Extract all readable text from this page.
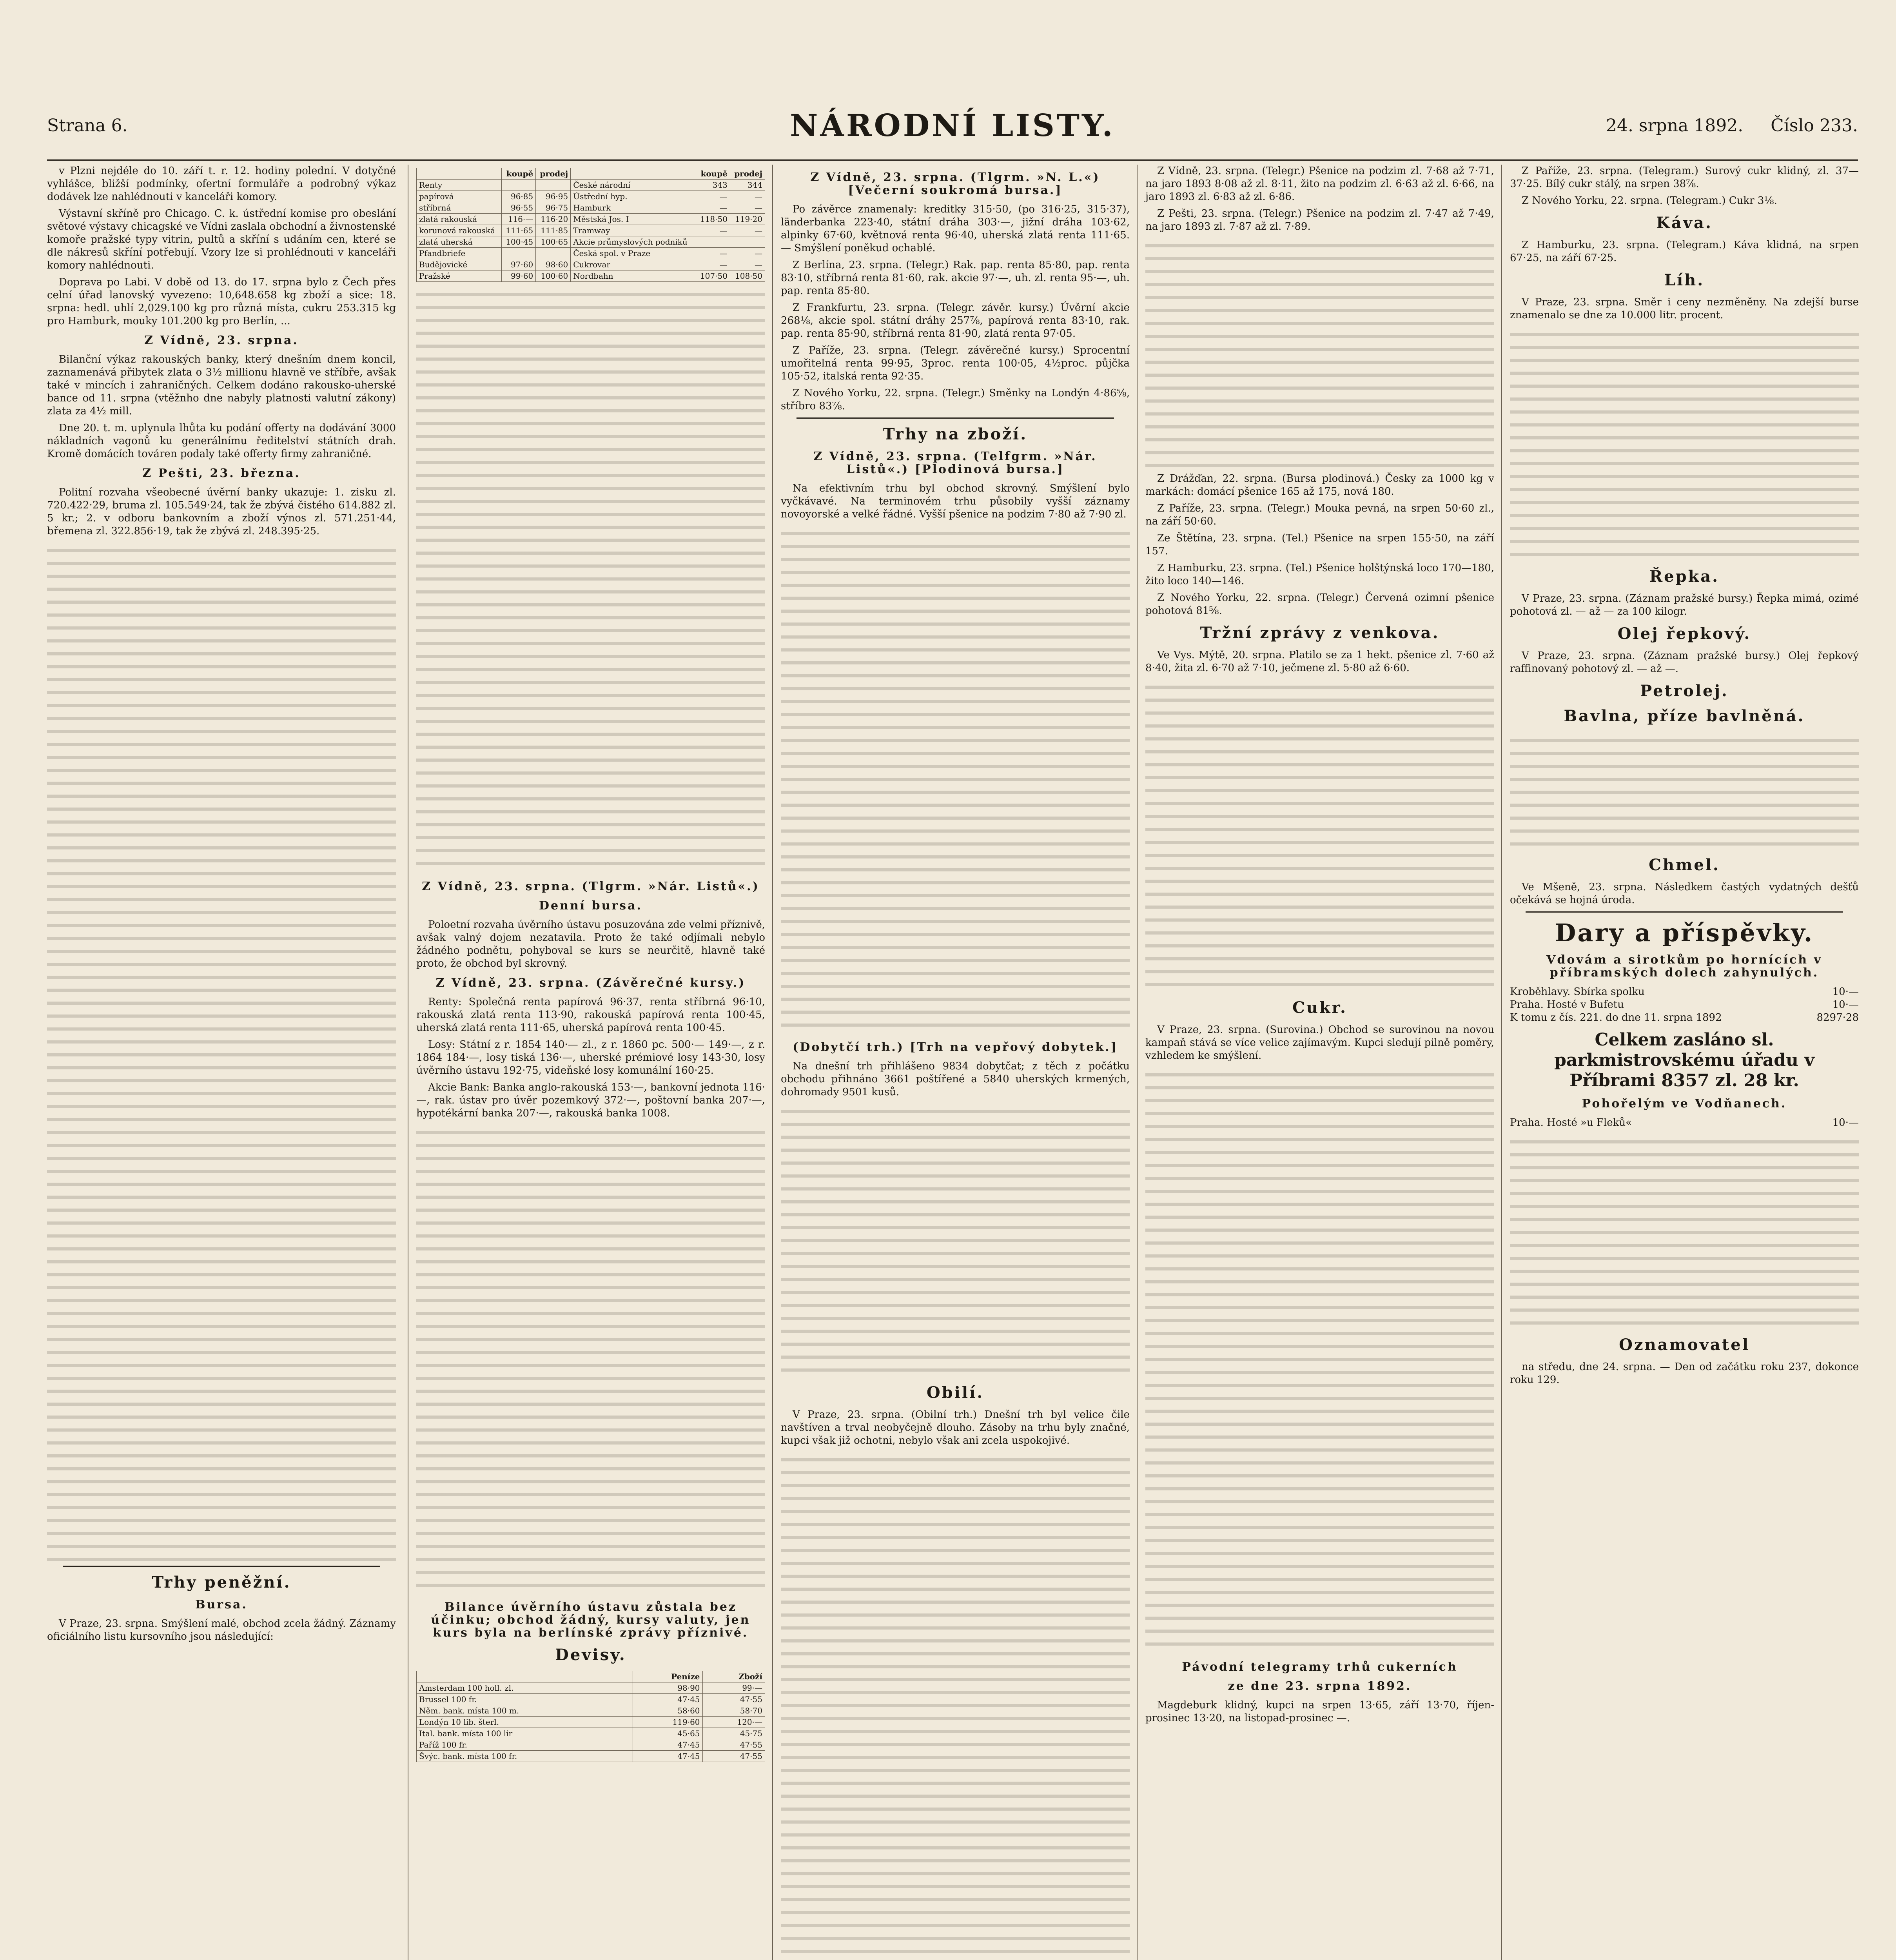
Strana 6.	NÁRODNÍ LISTY.	24. srpna 1892. Číslo 233.

v Plzni nejdéle do 10. září t. r. 12. hodiny polední. V dotyčné vyhlášce, bližší podmínky, ofertní formuláře a podrobný výkaz dodávek lze nahlédnouti v kanceláři komory.

Výstavní skříně pro Chicago. C. k. ústřední komise pro obeslání světové výstavy chicagské ve Vídni zaslala obchodní a živnostenské komoře pražské typy vitrin, pultů a skříní s udáním cen, které se dle nákresů skříní potřebují. Vzory lze si prohlédnouti v kanceláři komory nahlédnouti.

Doprava po Labi. V době od 13. do 17. srpna bylo z Čech přes celní úřad lanovský vyvezeno: 10,648.658 kg zboží a sice: 18. srpna: hedl. uhlí 2,029.100 kg pro různá místa, cukru 253.315 kg pro Hamburk, mouky 101.200 kg pro Berlín, ...

Z Vídně, 23. srpna.

Bilanční výkaz rakouských banky, který dnešním dnem koncil, zaznamenává přibytek zlata o 3½ millionu hlavně ve stříbře, avšak také v mincích i zahraničných. Celkem dodáno rakousko-uherské bance od 11. srpna (vtěžnho dne nabyly platnosti valutní zákony) zlata za 4½ mill.

Dne 20. t. m. uplynula lhůta ku podání offerty na dodávání 3000 nákladních vagonů ku generálnímu ředitelství státních drah. Kromě domácích továren podaly také offerty firmy zahraničné.

Z Pešti, 23. března.

Politní rozvaha všeobecné úvěrní banky ukazuje: 1. zisku zl. 720.422·29, bruma zl. 105.549·24, tak že zbývá čistého 614.882 zl. 5 kr.; 2. v odboru bankovním a zboží výnos zl. 571.251·44, břemena zl. 322.856·19, tak že zbývá zl. 248.395·25.

Trhy peněžní.
Bursa.

V Praze, 23. srpna. Smýšlení malé, obchod zcela žádný. Záznamy oficiálního listu kursovního jsou následující:

	koupě	prodej		koupě	prodej
Renty			České národní	343	344
papírová	96·85	96·95	Ústřední hyp.	—	—
stříbrná	96·55	96·75	Hamburk	—	—
zlatá rakouská	116·—	116·20	Městská Jos. I	118·50	119·20
korunová rakouská	111·65	111·85	Tramway	—	—
zlatá uherská	100·45	100·65	Akcie průmyslových podniků		
Pfandbriefe			Česká spol. v Praze	—	—
Budějovické	97·60	98·60	Cukrovar	—	—
Pražské	99·60	100·60	Nordbahn	107·50	108·50
Z Vídně, 23. srpna. (Tlgrm. »Nár. Listů«.)
Denní bursa.

Poloetní rozvaha úvěrního ústavu posuzována zde velmi příznivě, avšak valný dojem nezatavila. Proto že také odjímali nebylo žádného podnětu, pohyboval se kurs se neurčitě, hlavně také proto, že obchod byl skrovný.

Z Vídně, 23. srpna. (Závěrečné kursy.)

Renty: Společná renta papírová 96·37, renta stříbrná 96·10, rakouská zlatá renta 113·90, rakouská papírová renta 100·45, uherská zlatá renta 111·65, uherská papírová renta 100·45.

Losy: Státní z r. 1854 140·— zl., z r. 1860 pc. 500·— 149·—, z r. 1864 184·—, losy tiská 136·—, uherské prémiové losy 143·30, losy úvěrního ústavu 192·75, videňské losy komunální 160·25.

Akcie Bank: Banka anglo-rakouská 153·—, bankovní jednota 116·—, rak. ústav pro úvěr pozemkový 372·—, poštovní banka 207·—, hypotékární banka 207·—, rakouská banka 1008.

Bilance úvěrního ústavu zůstala bez účinku; obchod žádný, kursy valuty, jen kurs byla na berlínské zprávy příznivé.
Devisy.
	Peníze	Zboží
Amsterdam 100 holl. zl.	98·90	99·—
Brussel 100 fr.	47·45	47·55
Něm. bank. místa 100 m.	58·60	58·70
Londýn 10 lib. šterl.	119·60	120·—
Ital. bank. místa 100 lir	45·65	45·75
Paříž 100 fr.	47·45	47·55
Švýc. bank. místa 100 fr.	47·45	47·55
Z Vídně, 23. srpna. (Tlgrm. »N. L.«) [Večerní soukromá bursa.]

Po závěrce znamenaly: kreditky 315·50, (po 316·25, 315·37), länderbanka 223·40, státní dráha 303·—, jižní dráha 103·62, alpinky 67·60, květnová renta 96·40, uherská zlatá renta 111·65. — Smýšlení poněkud ochablé.

Z Berlína, 23. srpna. (Telegr.) Rak. pap. renta 85·80, pap. renta 83·10, stříbrná renta 81·60, rak. akcie 97·—, uh. zl. renta 95·—, uh. pap. renta 85·80.

Z Frankfurtu, 23. srpna. (Telegr. závěr. kursy.) Úvěrní akcie 268⅛, akcie spol. státní dráhy 257⅞, papírová renta 83·10, rak. pap. renta 85·90, stříbrná renta 81·90, zlatá renta 97·05.

Z Paříže, 23. srpna. (Telegr. závěrečné kursy.) Sprocentní umořitelná renta 99·95, 3proc. renta 100·05, 4½proc. půjčka 105·52, italská renta 92·35.

Z Nového Yorku, 22. srpna. (Telegr.) Směnky na Londýn 4·86⅝, stříbro 83⅞.

Trhy na zboží.
Z Vídně, 23. srpna. (Telfgrm. »Nár. Listů«.) [Plodinová bursa.]

Na efektivním trhu byl obchod skrovný. Smýšlení bylo vyčkávavé. Na terminovém trhu působily vyšší záznamy novoyorské a velké řádné. Vyšší pšenice na podzim 7·80 až 7·90 zl.

(Dobytčí trh.) [Trh na vepřový dobytek.]

Na dnešní trh přihlášeno 9834 dobytčat; z těch z počátku obchodu přihnáno 3661 poštířené a 5840 uherských krmených, dohromady 9501 kusů.

Obilí.

V Praze, 23. srpna. (Obilní trh.) Dnešní trh byl velice čile navštíven a trval neobyčejně dlouho. Zásoby na trhu byly značné, kupci však již ochotni, nebylo však ani zcela uspokojivé.

Z Vídně, 23. srpna. (Telegr.) Pšenice na podzim zl. 7·68 až 7·71, na jaro 1893 8·08 až zl. 8·11, žito na podzim zl. 6·63 až zl. 6·66, na jaro 1893 zl. 6·83 až zl. 6·86.

Z Pešti, 23. srpna. (Telegr.) Pšenice na podzim zl. 7·47 až 7·49, na jaro 1893 zl. 7·87 až zl. 7·89.

Z Drážďan, 22. srpna. (Bursa plodinová.) Česky za 1000 kg v markách: domácí pšenice 165 až 175, nová 180.

Z Paříže, 23. srpna. (Telegr.) Mouka pevná, na srpen 50·60 zl., na září 50·60.

Ze Štětína, 23. srpna. (Tel.) Pšenice na srpen 155·50, na září 157.

Z Hamburku, 23. srpna. (Tel.) Pšenice holštýnská loco 170—180, žito loco 140—146.

Z Nového Yorku, 22. srpna. (Telegr.) Červená ozimní pšenice pohotová 81⅝.

Tržní zprávy z venkova.

Ve Vys. Mýtě, 20. srpna. Platilo se za 1 hekt. pšenice zl. 7·60 až 8·40, žita zl. 6·70 až 7·10, ječmene zl. 5·80 až 6·60.

Cukr.

V Praze, 23. srpna. (Surovina.) Obchod se surovinou na novou kampaň stává se více velice zajímavým. Kupci sledují pilně poměry, vzhledem ke smýšlení.

Pávodní telegramy trhů cukerních
ze dne 23. srpna 1892.

Magdeburk klidný, kupci na srpen 13·65, září 13·70, říjen-prosinec 13·20, na listopad-prosinec —.

Z Paříže, 23. srpna. (Telegram.) Surový cukr klidný, zl. 37—37·25. Bílý cukr stálý, na srpen 38⅞.

Z Nového Yorku, 22. srpna. (Telegram.) Cukr 3⅛.

Káva.

Z Hamburku, 23. srpna. (Telegram.) Káva klidná, na srpen 67·25, na září 67·25.

Líh.

V Praze, 23. srpna. Směr i ceny nezměněny. Na zdejší burse znamenalo se dne za 10.000 litr. procent.

Řepka.

V Praze, 23. srpna. (Záznam pražské bursy.) Řepka mimá, ozimé pohotová zl. — až — za 100 kilogr.

Olej řepkový.

V Praze, 23. srpna. (Záznam pražské bursy.) Olej řepkový raffinovaný pohotový zl. — až —.

Petrolej.
Bavlna, příze bavlněná.
Chmel.

Ve Mšeně, 23. srpna. Následkem častých vydatných dešťů očekává se hojná úroda.

Dary a příspěvky.
Vdovám a sirotkům po hornících v příbramských dolech zahynulých.
Kroběhlavy. Sbírka spolku	10·—
Praha. Hosté v Bufetu	10·—
K tomu z čís. 221. do dne 11. srpna 1892	8297·28
Celkem zasláno sl. parkmistrovskému úřadu v Příbrami 8357 zl. 28 kr.
Pohořelým ve Vodňanech.
Praha. Hosté »u Fleků«	10·—
Oznamovatel

na středu, dne 24. srpna. — Den od začátku roku 237, dokonce roku 129.
